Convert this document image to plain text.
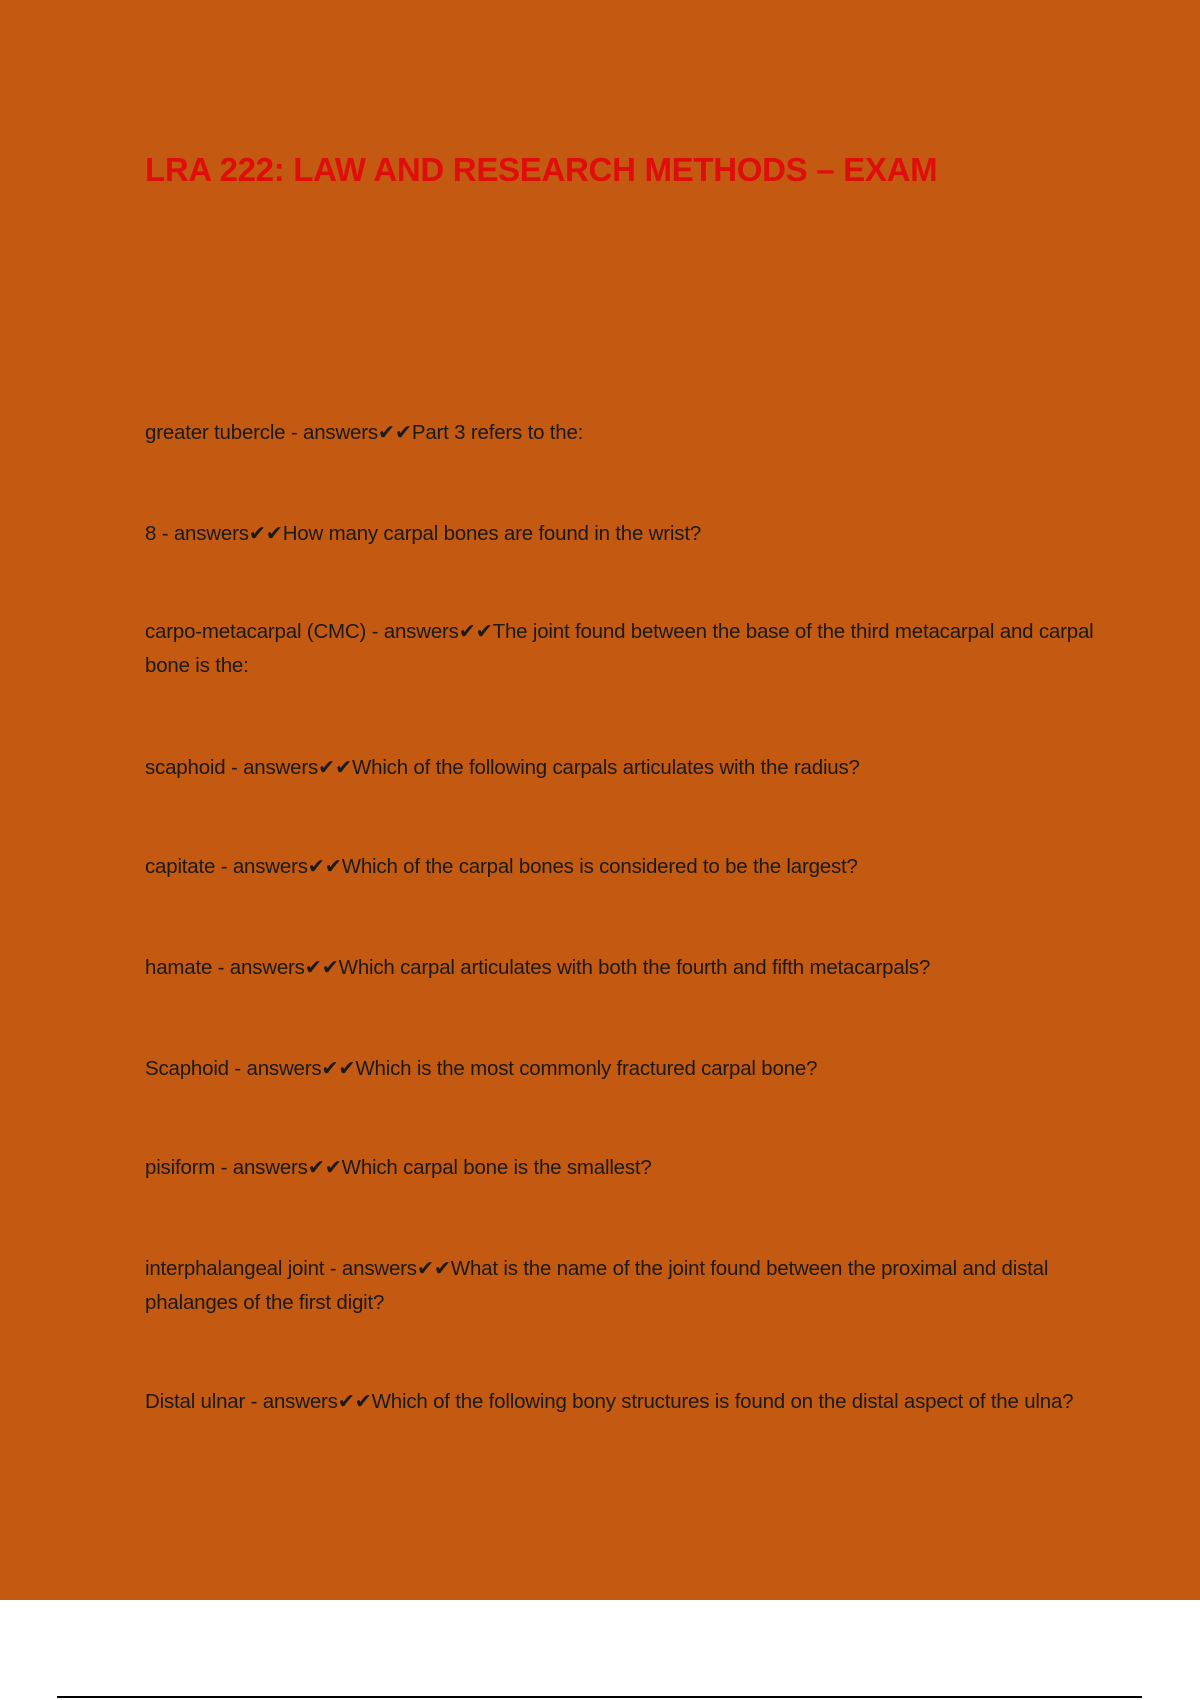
LRA 222: LAW AND RESEARCH METHODS – EXAM

greater tubercle - answers✔✔Part 3 refers to the:

8 - answers✔✔How many carpal bones are found in the wrist?

carpo-metacarpal (CMC) - answers✔✔The joint found between the base of the third metacarpal and carpal bone is the:

scaphoid - answers✔✔Which of the following carpals articulates with the radius?

capitate - answers✔✔Which of the carpal bones is considered to be the largest?

hamate - answers✔✔Which carpal articulates with both the fourth and fifth metacarpals?

Scaphoid - answers✔✔Which is the most commonly fractured carpal bone?

pisiform - answers✔✔Which carpal bone is the smallest?

interphalangeal joint - answers✔✔What is the name of the joint found between the proximal and distal phalanges of the first digit?

Distal ulnar - answers✔✔Which of the following bony structures is found on the distal aspect of the ulna?
